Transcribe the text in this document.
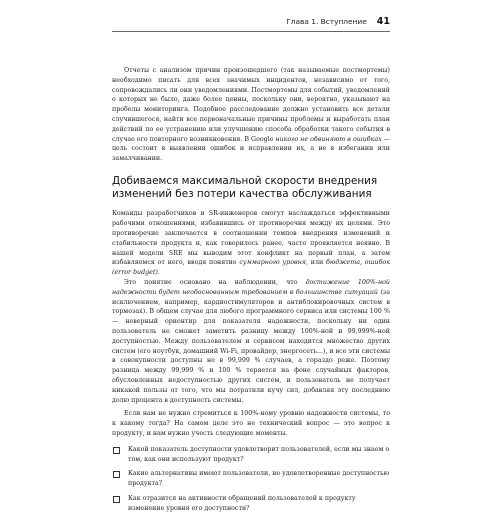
Глава 1. Вступление 41

Отчеты с анализом причин произошедшего (так называемые постмортемы) необходимо писать для всех значимых инцидентов, независимо от того, сопровождались ли они уведомлениями. Постмортемы для событий, уведомлений о которых не было, даже более ценны, поскольку они, вероятно, указывают на пробелы мониторинга. Подобное расследование должно установить все детали случившегося, найти все первоначальные причины проблемы и выработать план действий по ее устранению или улучшению способа обработки такого события в случае его повторного возникновения. В Google никого не обвиняют в ошибках — цель состоит в выявлении ошибок и исправлении их, а не в избегании или замалчивании.

Добиваемся максимальной скорости внедрения изменений без потери качества обслуживания

Команды разработчиков и SR-инженеров смогут наслаждаться эффективными рабочими отношениями, избавившись от противоречия между их целями. Это противоречие заключается в соотношении темпов внедрения изменений и стабильности продукта и, как говорилось ранее, часто проявляется неявно. В нашей модели SRE мы выводим этот конфликт на первый план, а затем избавляемся от него, вводя понятие суммарного уровня, или бюджета, ошибок (error budget).

Это понятие основано на наблюдении, что достижение 100%-ной надежности будет необоснованным требованием в большинстве ситуаций (за исключением, например, кардиостимуляторов и антиблокировочных систем в тормозах). В общем случае для любого программного сервиса или системы 100 % — неверный ориентир для показателя надежности, поскольку ни один пользователь не сможет заметить разницу между 100%-ной и 99,999%-ной доступностью. Между пользователем и сервисом находится множество других систем (его ноутбук, домашний Wi-Fi, провайдер, энергосеть...), и все эти системы в совокупности доступны не в 99,999 % случаев, а гораздо реже. Поэтому разница между 99,999 % и 100 % теряется на фоне случайных факторов, обусловленных недоступностью других систем, и пользователь не получает никакой пользы от того, что мы потратили кучу сил, добавляя эту последнюю долю процента в доступность системы.

Если нам не нужно стремиться к 100%-ному уровню надежности системы, то к какому тогда? На самом деле это не технический вопрос — это вопрос к продукту, и нам нужно учесть следующие моменты.

Какой показатель доступности удовлетворит пользователей, если мы знаем о том, как они используют продукт?
Какие альтернативы имеют пользователи, не удовлетворенные доступностью продукта?
Как отразится на активности обращений пользователей к продукту изменение уровня его доступности?
